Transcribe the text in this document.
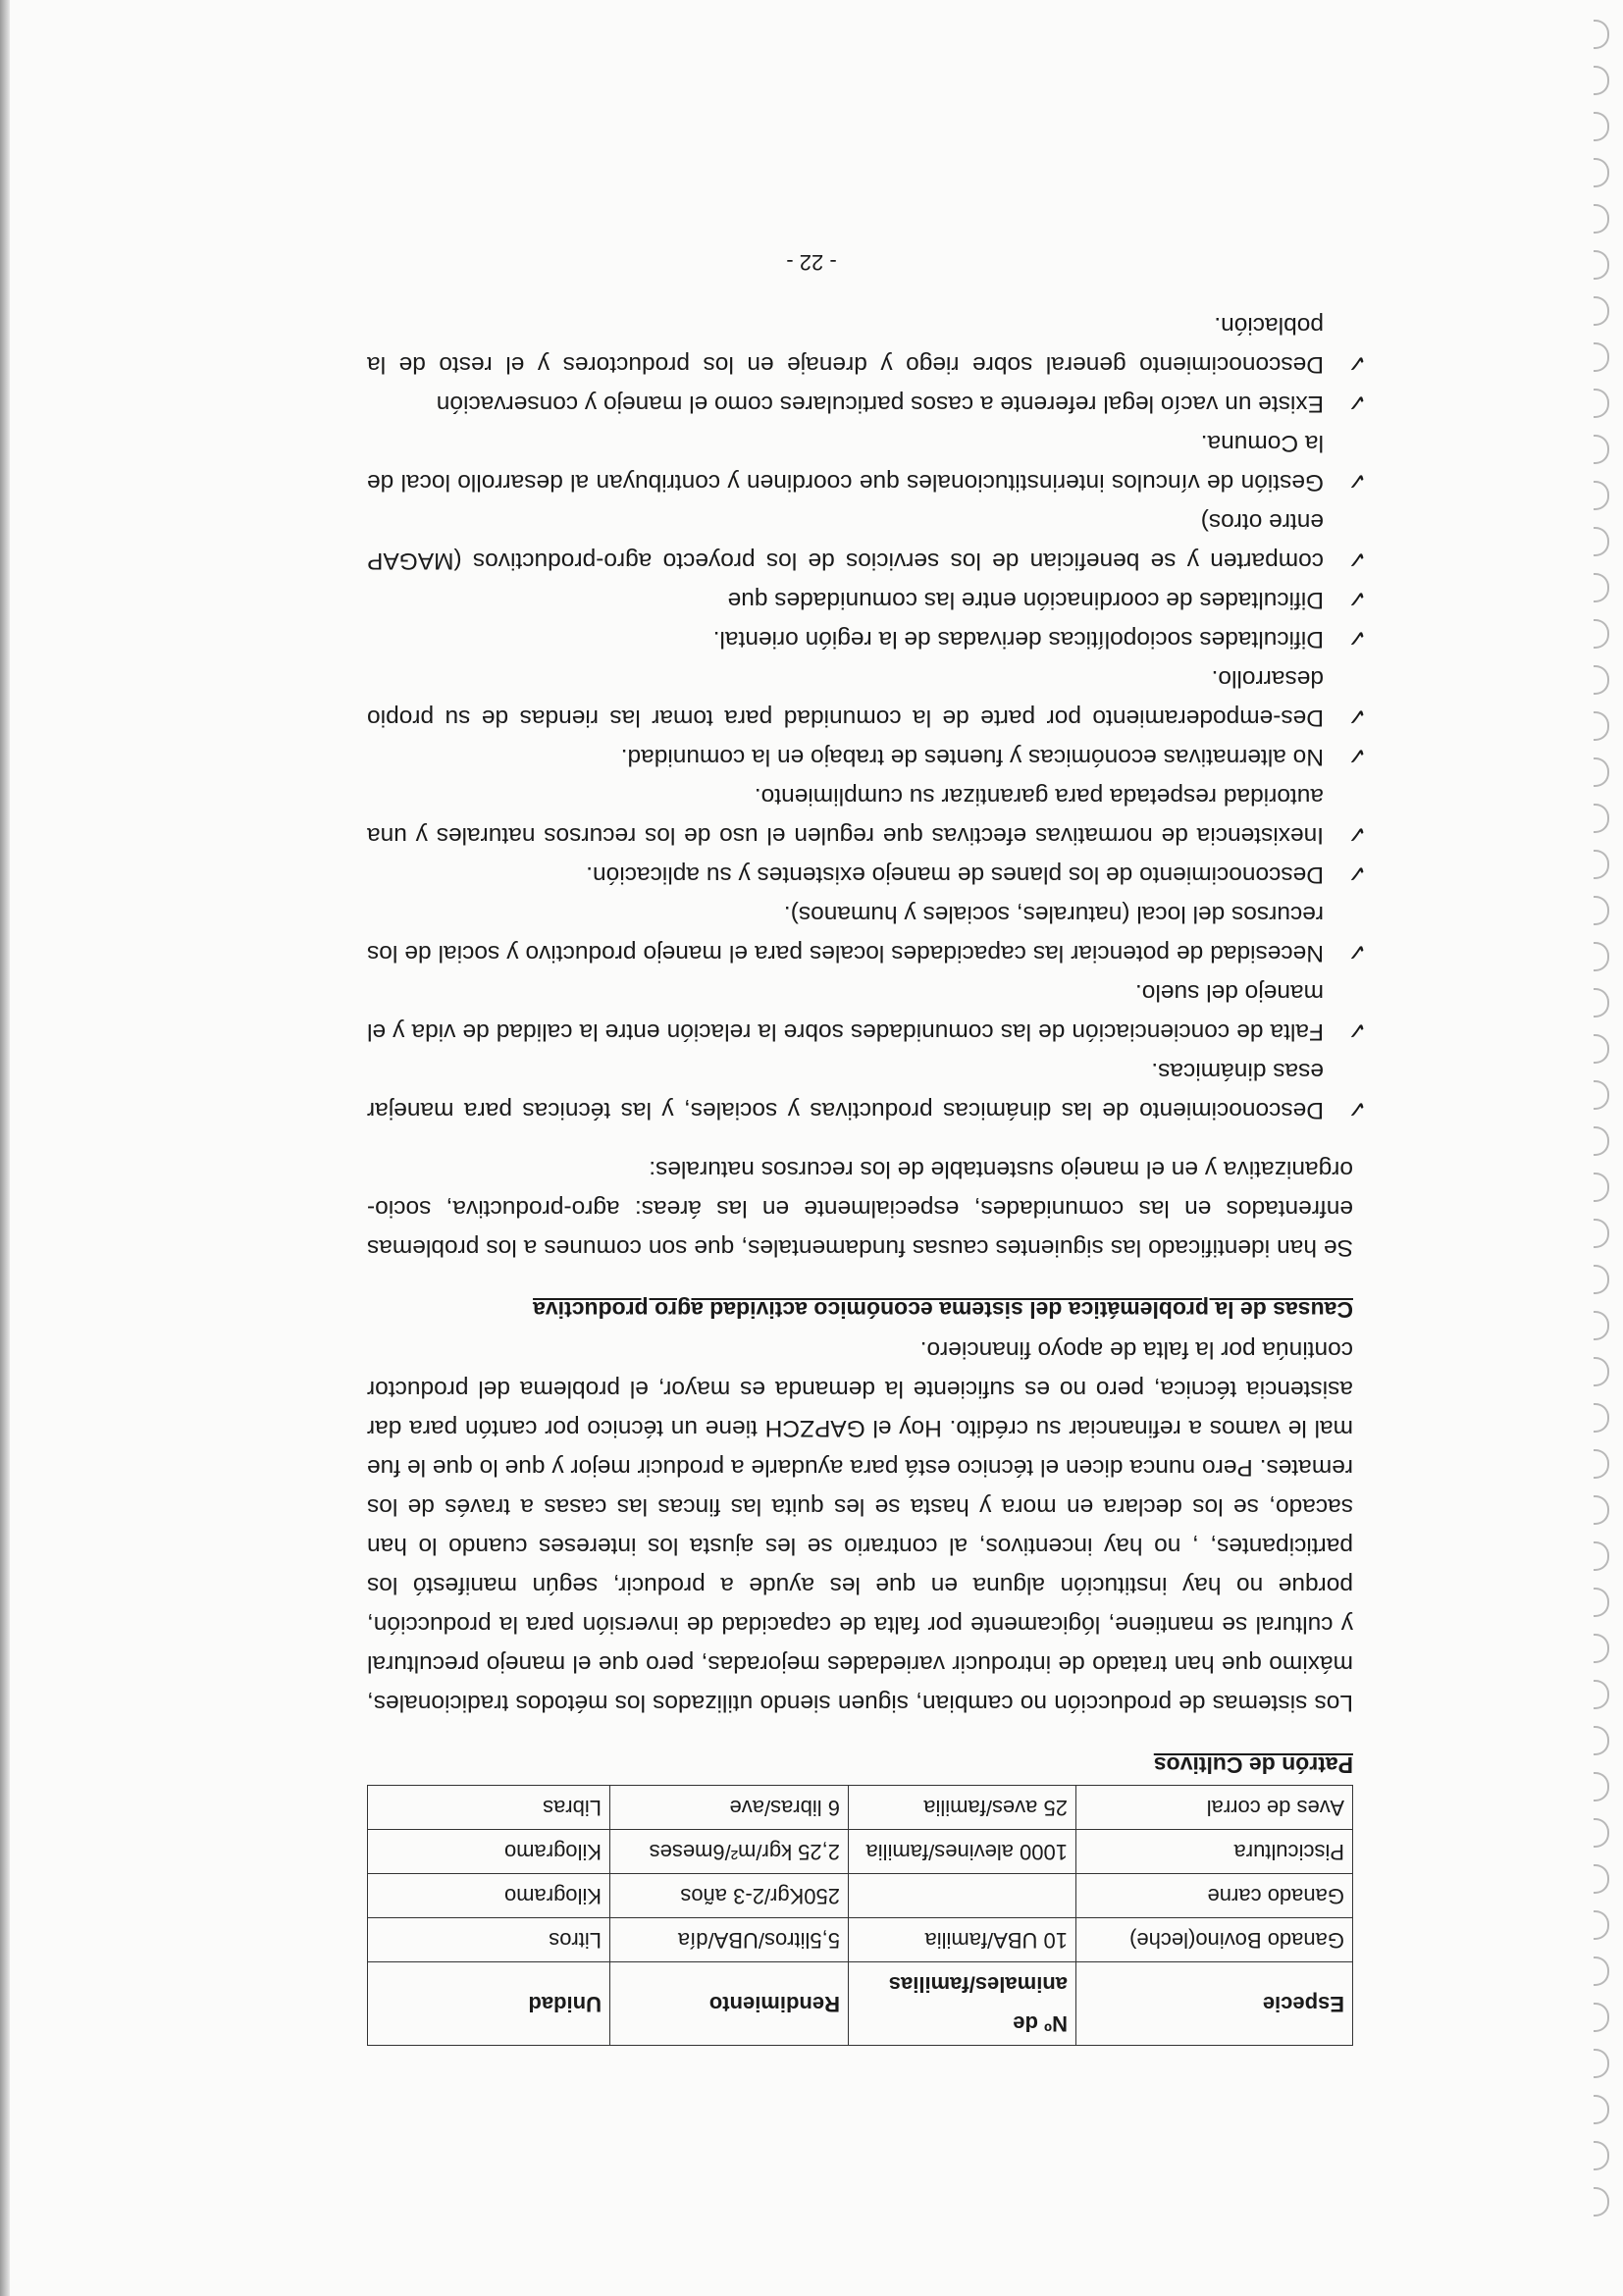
Especie	Nº de animales/familias	Rendimiento	Unidad
Ganado Bovino(leche)	10 UBA/familia	5,5litros/UBA/día	Litros
Ganado carne		250Kgr/2-3 años	Kilogramo
Piscicultura	1000 alevines/familia	2,25 kgr/m²/6meses	Kilogramo
Aves de corral	25 aves/familia	6 libras/ave	Libras
Patrón de Cultivos

Los sistemas de producción no cambian, siguen siendo utilizados los métodos tradicionales, máximo que han tratado de introducir variedades mejoradas, pero que el manejo precultural y cultural se mantiene, lógicamente por falta de capacidad de inversión para la producción, porque no hay institución alguna en que les ayude a producir, según manifestó los participantes, , no hay incentivos, al contrario se les ajusta los intereses cuando lo han sacado, se los declara en mora y hasta se les quita las fincas las casas a través de los remates. Pero nunca dicen el técnico está para ayudarle a producir mejor y que lo que le fue mal le vamos a refinanciar su crédito. Hoy el GAPZCH tiene un técnico por cantón para dar asistencia técnica, pero no es suficiente la demanda es mayor, el problema del productor continúa por la falta de apoyo financiero.

Causas de la problemática del sistema económico actividad agro productiva

Se han identificado las siguientes causas fundamentales, que son comunes a los problemas enfrentados en las comunidades, especialmente en las áreas: agro-productiva, socio-organizativa y en el manejo sustentable de los recursos naturales:

✓
Desconocimiento de las dinámicas productivas y sociales, y las técnicas para manejar esas dinámicas.
✓
Falta de concienciación de las comunidades sobre la relación entre la calidad de vida y el manejo del suelo.
✓
Necesidad de potenciar las capacidades locales para el manejo productivo y social de los recursos del local (naturales, sociales y humanos).
✓
Desconocimiento de los planes de manejo existentes y su aplicación.
✓
Inexistencia de normativas efectivas que regulen el uso de los recursos naturales y una autoridad respetada para garantizar su cumplimiento.
✓
No alternativas económicas y fuentes de trabajo en la comunidad.
✓
Des-empoderamiento por parte de la comunidad para tomar las riendas de su propio desarrollo.
✓
Dificultades sociopolíticas derivadas de la región oriental.
✓
Dificultades de coordinación entre las comunidades que
✓
comparten y se benefician de los servicios de los proyecto agro-productivos (MAGAP entre otros)
✓
Gestión de vínculos interinstitucionales que coordinen y contribuyan al desarrollo local de la Comuna.
✓
Existe un vacío legal referente a casos particulares como el manejo y conservación
✓
Desconocimiento general sobre riego y drenaje en los productores y el resto de la población.
- 22 -
